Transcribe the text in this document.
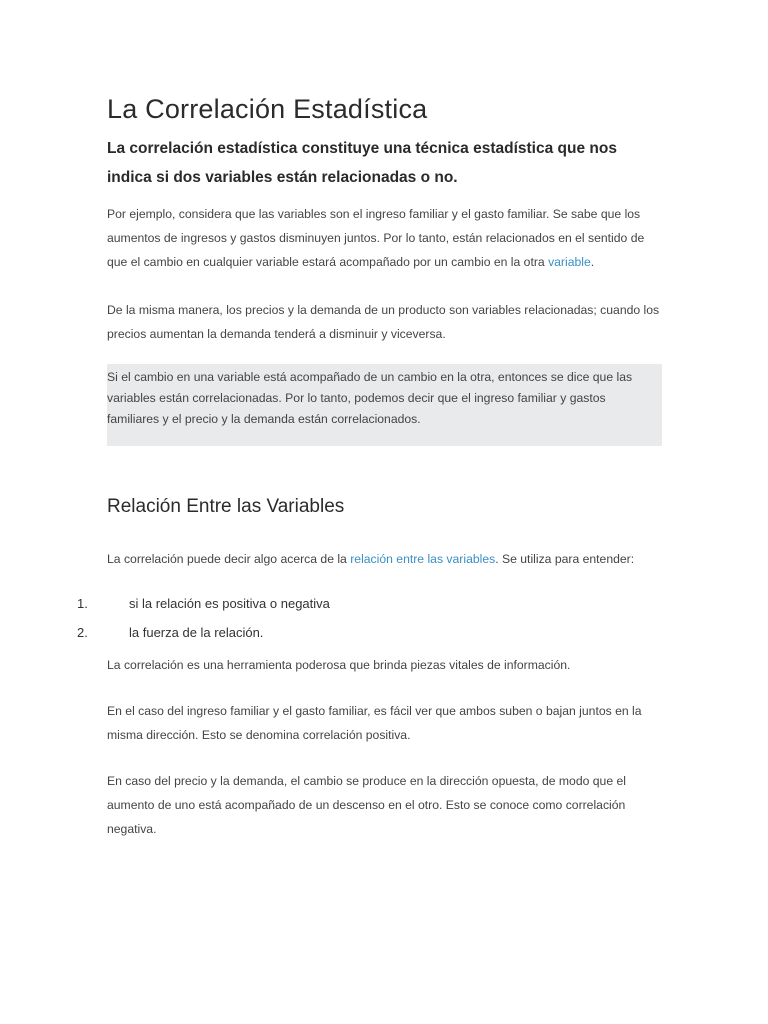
La Correlación Estadística

La correlación estadística constituye una técnica estadística que nos indica si dos variables están relacionadas o no.

Por ejemplo, considera que las variables son el ingreso familiar y el gasto familiar. Se sabe que los aumentos de ingresos y gastos disminuyen juntos. Por lo tanto, están relacionados en el sentido de que el cambio en cualquier variable estará acompañado por un cambio en la otra variable.

De la misma manera, los precios y la demanda de un producto son variables relacionadas; cuando los precios aumentan la demanda tenderá a disminuir y viceversa.

Si el cambio en una variable está acompañado de un cambio en la otra, entonces se dice que las variables están correlacionadas. Por lo tanto, podemos decir que el ingreso familiar y gastos familiares y el precio y la demanda están correlacionados.

Relación Entre las Variables

La correlación puede decir algo acerca de la relación entre las variables. Se utiliza para entender:

1.	si la relación es positiva o negativa
2.	la fuerza de la relación.

La correlación es una herramienta poderosa que brinda piezas vitales de información.

En el caso del ingreso familiar y el gasto familiar, es fácil ver que ambos suben o bajan juntos en la misma dirección. Esto se denomina correlación positiva.

En caso del precio y la demanda, el cambio se produce en la dirección opuesta, de modo que el aumento de uno está acompañado de un descenso en el otro. Esto se conoce como correlación negativa.
